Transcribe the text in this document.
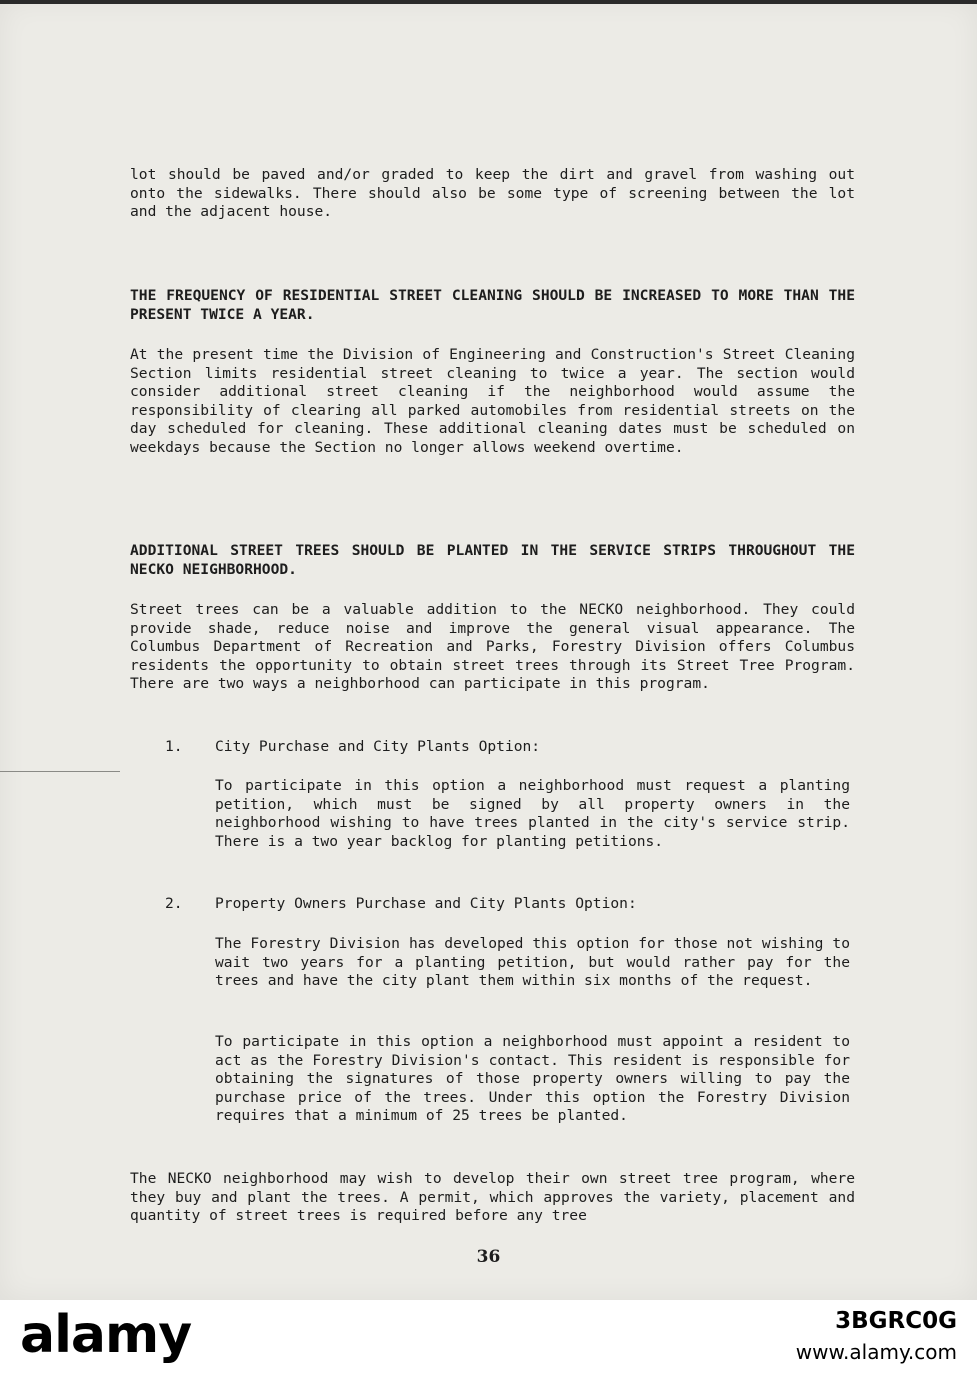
lot should be paved and/or graded to keep the dirt and gravel from washing out onto the sidewalks. There should also be some type of screening between the lot and the adjacent house.
THE FREQUENCY OF RESIDENTIAL STREET CLEANING SHOULD BE INCREASED TO MORE THAN THE PRESENT TWICE A YEAR.
At the present time the Division of Engineering and Construction's Street Cleaning Section limits residential street cleaning to twice a year. The section would consider additional street cleaning if the neighborhood would assume the responsibility of clearing all parked automobiles from residential streets on the day scheduled for cleaning. These additional cleaning dates must be scheduled on weekdays because the Section no longer allows weekend overtime.
ADDITIONAL STREET TREES SHOULD BE PLANTED IN THE SERVICE STRIPS THROUGHOUT THE NECKO NEIGHBORHOOD.
Street trees can be a valuable addition to the NECKO neighborhood. They could provide shade, reduce noise and improve the general visual appearance. The Columbus Department of Recreation and Parks, Forestry Division offers Columbus residents the opportunity to obtain street trees through its Street Tree Program. There are two ways a neighborhood can participate in this program.
1. City Purchase and City Plants Option:
To participate in this option a neighborhood must request a planting petition, which must be signed by all property owners in the neighborhood wishing to have trees planted in the city's service strip. There is a two year backlog for planting petitions.
2. Property Owners Purchase and City Plants Option:
The Forestry Division has developed this option for those not wishing to wait two years for a planting petition, but would rather pay for the trees and have the city plant them within six months of the request.
To participate in this option a neighborhood must appoint a resident to act as the Forestry Division's contact. This resident is responsible for obtaining the signatures of those property owners willing to pay the purchase price of the trees. Under this option the Forestry Division requires that a minimum of 25 trees be planted.
The NECKO neighborhood may wish to develop their own street tree program, where they buy and plant the trees. A permit, which approves the variety, placement and quantity of street trees is required before any tree
36
alamy	3BGRC0G
www.alamy.com
